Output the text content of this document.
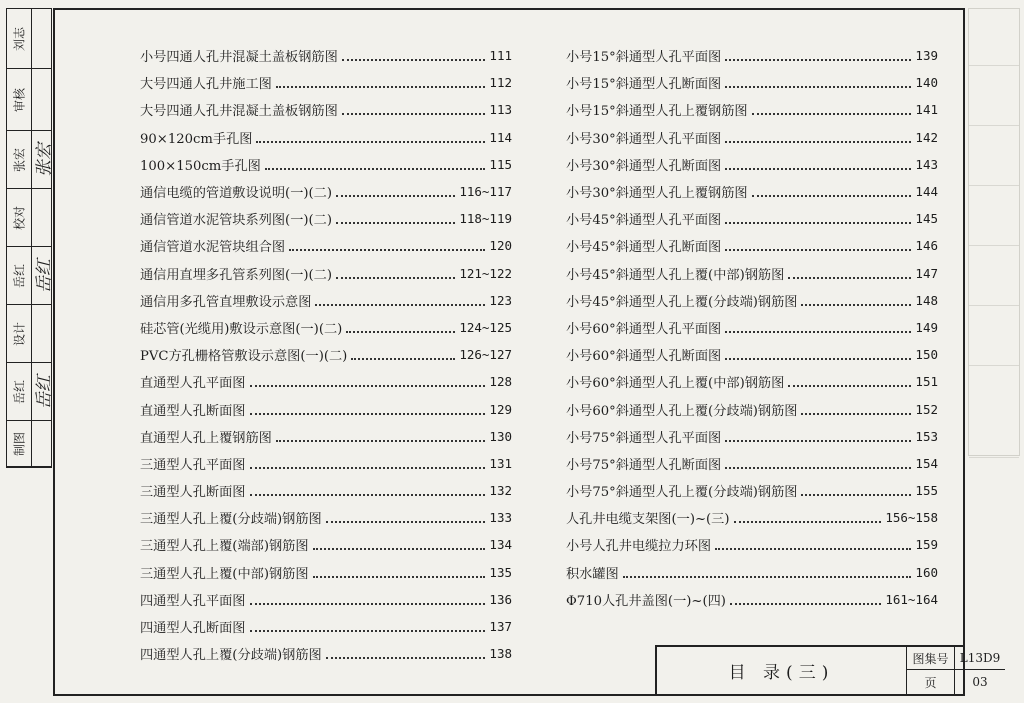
刘志
审核
张宏 张宏
校对
岳红 岳红
设计
岳红 岳红
制图
小号四通人孔井混凝土盖板钢筋图	111
大号四通人孔井施工图	112
大号四通人孔井混凝土盖板钢筋图	113
90×120cm手孔图	114
100×150cm手孔图	115
通信电缆的管道敷设说明(一)(二)	116~117
通信管道水泥管块系列图(一)(二)	118~119
通信管道水泥管块组合图	120
通信用直埋多孔管系列图(一)(二)	121~122
通信用多孔管直埋敷设示意图	123
硅芯管(光缆用)敷设示意图(一)(二)	124~125
PVC方孔栅格管敷设示意图(一)(二)	126~127
直通型人孔平面图	128
直通型人孔断面图	129
直通型人孔上覆钢筋图	130
三通型人孔平面图	131
三通型人孔断面图	132
三通型人孔上覆(分歧端)钢筋图	133
三通型人孔上覆(端部)钢筋图	134
三通型人孔上覆(中部)钢筋图	135
四通型人孔平面图	136
四通型人孔断面图	137
四通型人孔上覆(分歧端)钢筋图	138
小号15°斜通型人孔平面图	139
小号15°斜通型人孔断面图	140
小号15°斜通型人孔上覆钢筋图	141
小号30°斜通型人孔平面图	142
小号30°斜通型人孔断面图	143
小号30°斜通型人孔上覆钢筋图	144
小号45°斜通型人孔平面图	145
小号45°斜通型人孔断面图	146
小号45°斜通型人孔上覆(中部)钢筋图	147
小号45°斜通型人孔上覆(分歧端)钢筋图	148
小号60°斜通型人孔平面图	149
小号60°斜通型人孔断面图	150
小号60°斜通型人孔上覆(中部)钢筋图	151
小号60°斜通型人孔上覆(分歧端)钢筋图	152
小号75°斜通型人孔平面图	153
小号75°斜通型人孔断面图	154
小号75°斜通型人孔上覆(分歧端)钢筋图	155
人孔井电缆支架图(一)~(三)	156~158
小号人孔井电缆拉力环图	159
积水罐图	160
Φ710人孔井盖图(一)~(四)	161~164
目 录(三)
图集号 L13D9
页	03
